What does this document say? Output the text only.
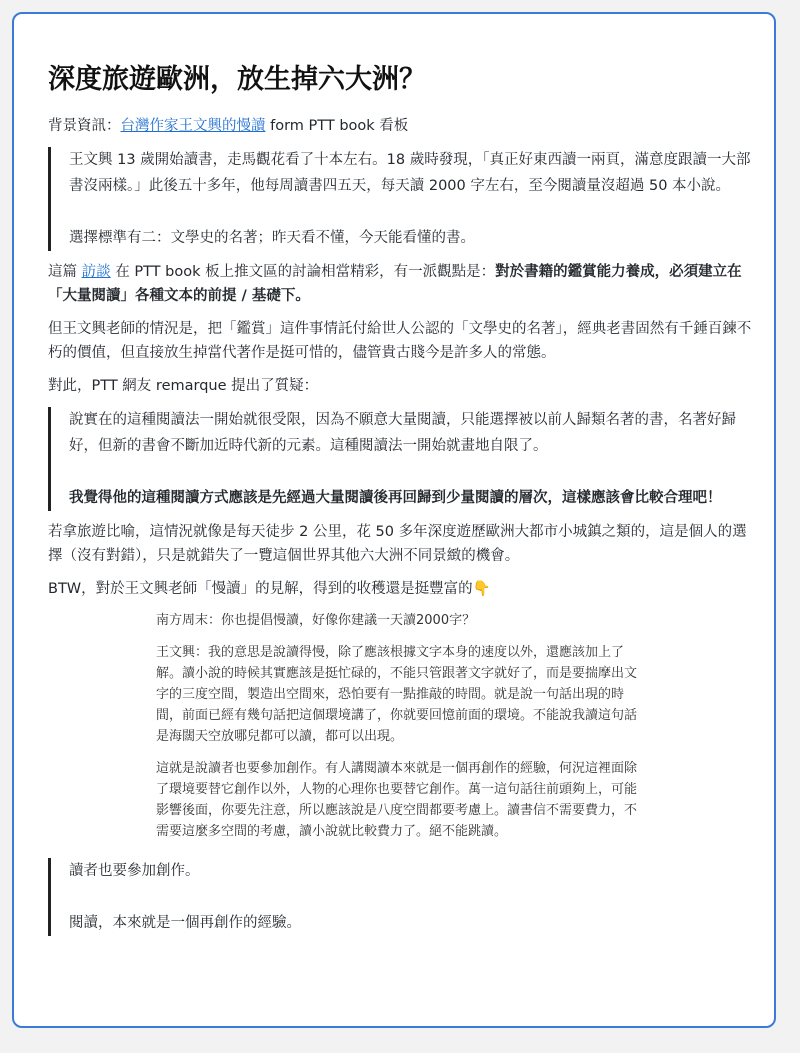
深度旅遊歐洲，放生掉六大洲？

背景資訊：台灣作家王文興的慢讀 form PTT book 看板

王文興 13 歲開始讀書，走馬觀花看了十本左右。18 歲時發現，「真正好東西讀一兩頁，滿意度跟讀一大部書沒兩樣。」此後五十多年，他每周讀書四五天，每天讀 2000 字左右，至今閱讀量沒超過 50 本小說。

選擇標準有二：文學史的名著；昨天看不懂，今天能看懂的書。

這篇 訪談 在 PTT book 板上推文區的討論相當精彩，有一派觀點是：對於書籍的鑑賞能力養成，必須建立在「大量閱讀」各種文本的前提 / 基礎下。

但王文興老師的情況是，把「鑑賞」這件事情託付給世人公認的「文學史的名著」，經典老書固然有千錘百鍊不朽的價值，但直接放生掉當代著作是挺可惜的，儘管貴古賤今是許多人的常態。

對此，PTT 網友 remarque 提出了質疑：

說實在的這種閱讀法一開始就很受限，因為不願意大量閱讀，只能選擇被以前人歸類名著的書，名著好歸好，但新的書會不斷加近時代新的元素。這種閱讀法一開始就畫地自限了。

我覺得他的這種閱讀方式應該是先經過大量閱讀後再回歸到少量閱讀的層次，這樣應該會比較合理吧！

若拿旅遊比喻，這情況就像是每天徒步 2 公里，花 50 多年深度遊歷歐洲大都市小城鎮之類的，這是個人的選擇（沒有對錯），只是就錯失了一覽這個世界其他六大洲不同景緻的機會。

BTW，對於王文興老師「慢讀」的見解，得到的收穫還是挺豐富的👇

南方周末：你也提倡慢讀，好像你建議一天讀2000字？

王文興：我的意思是說讀得慢，除了應該根據文字本身的速度以外，還應該加上了解。讀小說的時候其實應該是挺忙碌的，不能只管跟著文字就好了，而是要揣摩出文字的三度空間，製造出空間來，恐怕要有一點推敲的時間。就是說一句話出現的時間，前面已經有幾句話把這個環境講了，你就要回憶前面的環境。不能說我讀這句話是海闊天空放哪兒都可以讀，都可以出現。

這就是說讀者也要參加創作。有人講閱讀本來就是一個再創作的經驗，何況這裡面除了環境要替它創作以外，人物的心理你也要替它創作。萬一這句話往前頭夠上，可能影響後面，你要先注意，所以應該說是八度空間都要考慮上。讀書信不需要費力，不需要這麼多空間的考慮，讀小說就比較費力了。絕不能跳讀。

讀者也要參加創作。

閱讀，本來就是一個再創作的經驗。
